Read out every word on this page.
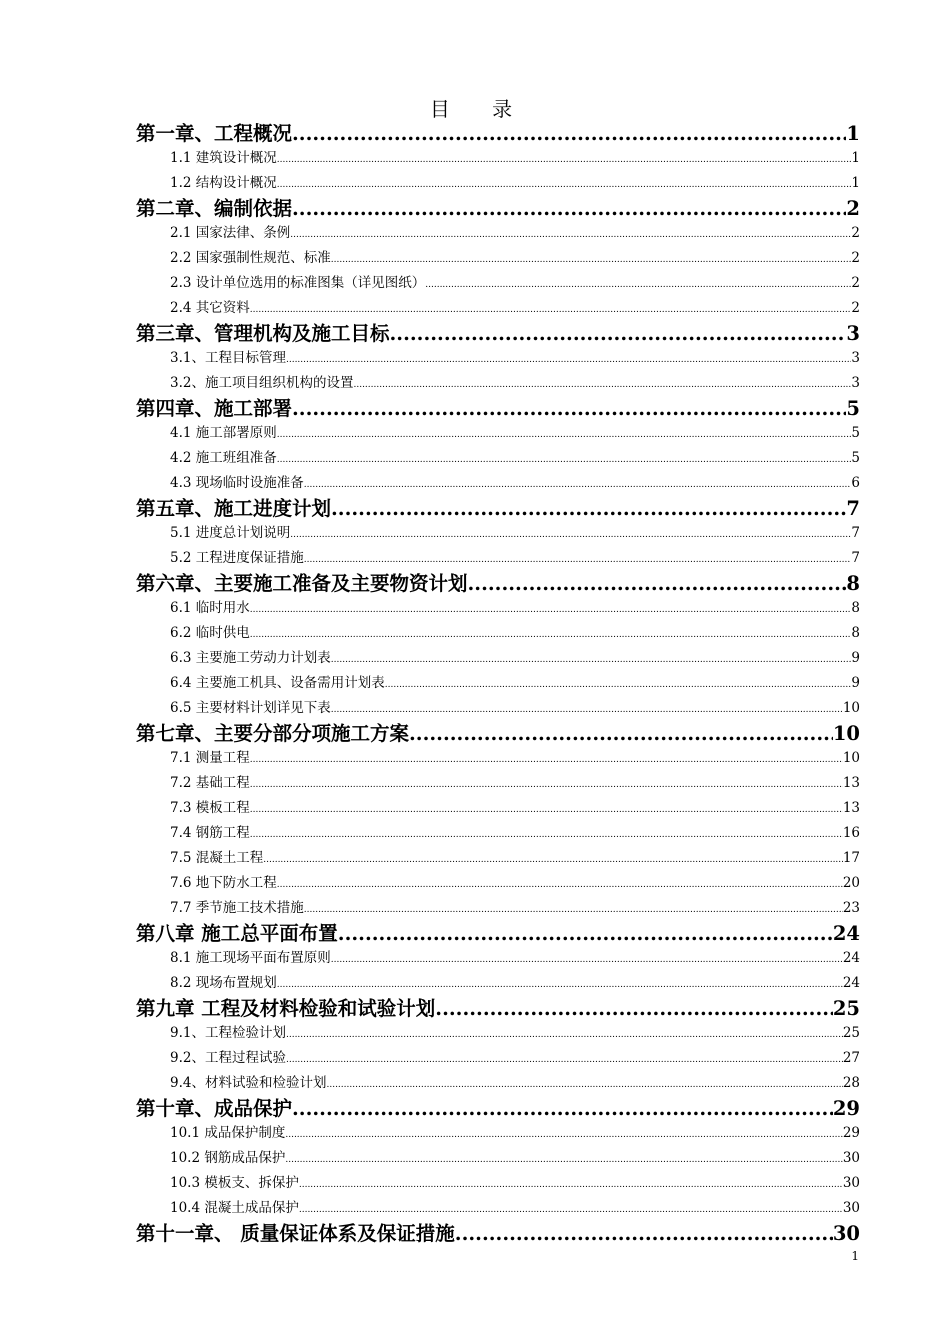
目 录
第一章、工程概况 .....	1
1.1 建筑设计概况 .....	1
1.2 结构设计概况 .....	1
第二章、编制依据 .....	2
2.1 国家法律、条例 .....	2
2.2 国家强制性规范、标准 .....	2
2.3 设计单位选用的标准图集（详见图纸） .....	2
2.4 其它资料 .....	2
第三章、管理机构及施工目标 .....	3
3.1、工程目标管理 .....	3
3.2、施工项目组织机构的设置 .....	3
第四章、施工部署 .....	5
4.1 施工部署原则 .....	5
4.2 施工班组准备 .....	5
4.3 现场临时设施准备 .....	6
第五章、施工进度计划 .....	7
5.1 进度总计划说明 .....	7
5.2 工程进度保证措施 .....	7
第六章、主要施工准备及主要物资计划 .....	8
6.1 临时用水 .....	8
6.2 临时供电 .....	8
6.3 主要施工劳动力计划表 .....	9
6.4 主要施工机具、设备需用计划表 .....	9
6.5 主要材料计划详见下表 .....	10
第七章、主要分部分项施工方案 .....	10
7.1 测量工程 .....	10
7.2 基础工程 .....	13
7.3 模板工程 .....	13
7.4 钢筋工程 .....	16
7.5 混凝土工程 .....	17
7.6 地下防水工程 .....	20
7.7 季节施工技术措施 .....	23
第八章 施工总平面布置 .....	24
8.1 施工现场平面布置原则 .....	24
8.2 现场布置规划 .....	24
第九章 工程及材料检验和试验计划 .....	25
9.1、工程检验计划 .....	25
9.2、工程过程试验 .....	27
9.4、材料试验和检验计划 .....	28
第十章、成品保护 .....	29
10.1 成品保护制度 .....	29
10.2 钢筋成品保护 .....	30
10.3 模板支、拆保护 .....	30
10.4 混凝土成品保护 .....	30
第十一章、 质量保证体系及保证措施 .....	30
1
